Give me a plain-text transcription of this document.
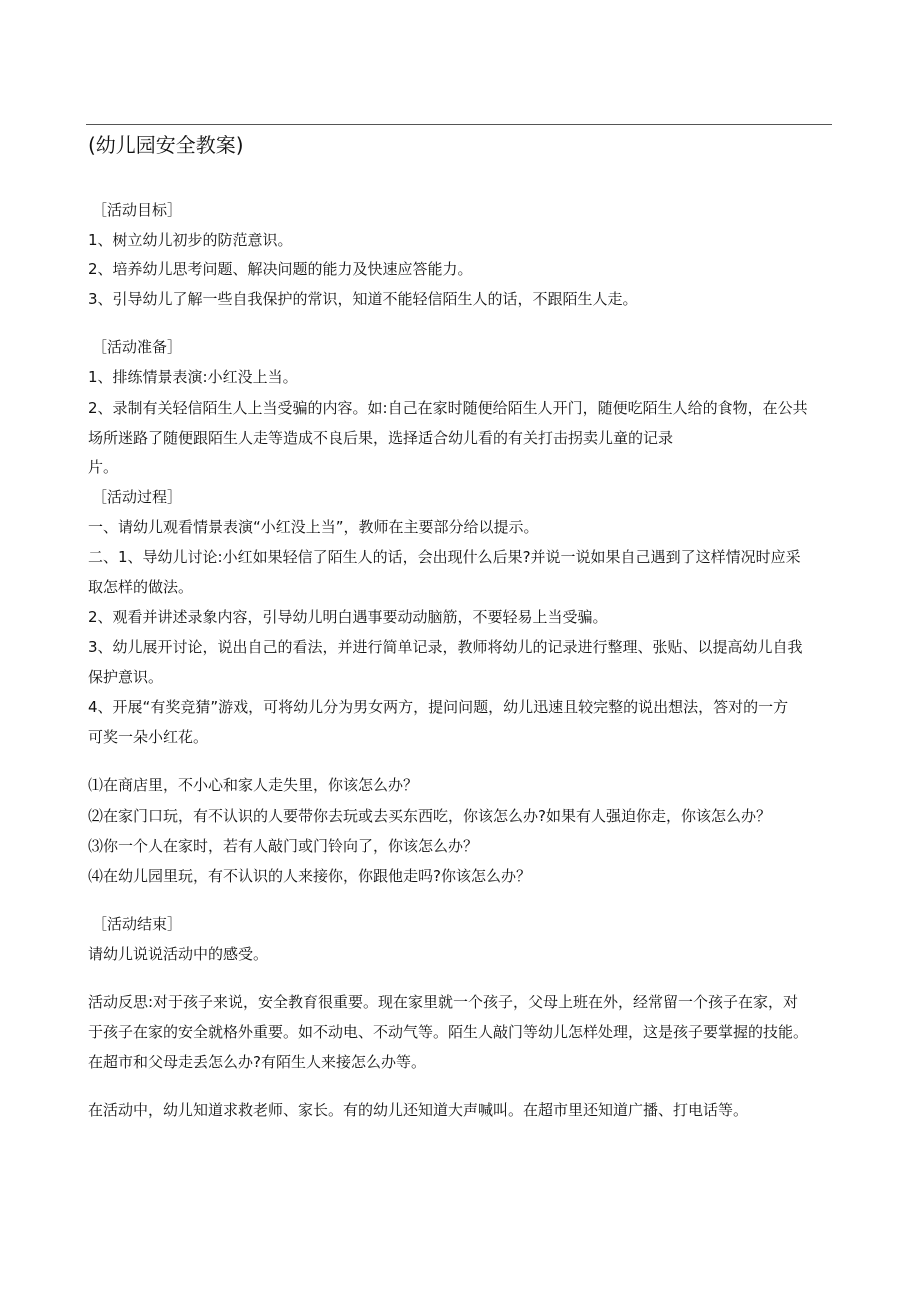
(幼儿园安全教案)
［活动目标］
1、树立幼儿初步的防范意识。
2、培养幼儿思考问题、解决问题的能力及快速应答能力。
3、引导幼儿了解一些自我保护的常识，知道不能轻信陌生人的话，不跟陌生人走。
［活动准备］
1、排练情景表演:小红没上当。
2、录制有关轻信陌生人上当受骗的内容。如:自己在家时随便给陌生人开门，随便吃陌生人给的食物，在公共
场所迷路了随便跟陌生人走等造成不良后果，选择适合幼儿看的有关打击拐卖儿童的记录
片。
［活动过程］
一、请幼儿观看情景表演“小红没上当”，教师在主要部分给以提示。
二、1、导幼儿讨论:小红如果轻信了陌生人的话，会出现什么后果?并说一说如果自己遇到了这样情况时应采
取怎样的做法。
2、观看并讲述录象内容，引导幼儿明白遇事要动动脑筋，不要轻易上当受骗。
3、幼儿展开讨论，说出自己的看法，并进行简单记录，教师将幼儿的记录进行整理、张贴、以提高幼儿自我
保护意识。
4、开展“有奖竞猜”游戏，可将幼儿分为男女两方，提问问题，幼儿迅速且较完整的说出想法，答对的一方
可奖一朵小红花。
⑴在商店里，不小心和家人走失里，你该怎么办？
⑵在家门口玩，有不认识的人要带你去玩或去买东西吃，你该怎么办?如果有人强迫你走，你该怎么办？
⑶你一个人在家时，若有人敲门或门铃向了，你该怎么办？
⑷在幼儿园里玩，有不认识的人来接你，你跟他走吗?你该怎么办？
［活动结束］
请幼儿说说活动中的感受。
活动反思:对于孩子来说，安全教育很重要。现在家里就一个孩子，父母上班在外，经常留一个孩子在家，对
于孩子在家的安全就格外重要。如不动电、不动气等。陌生人敲门等幼儿怎样处理，这是孩子要掌握的技能。
在超市和父母走丢怎么办?有陌生人来接怎么办等。
在活动中，幼儿知道求救老师、家长。有的幼儿还知道大声喊叫。在超市里还知道广播、打电话等。
